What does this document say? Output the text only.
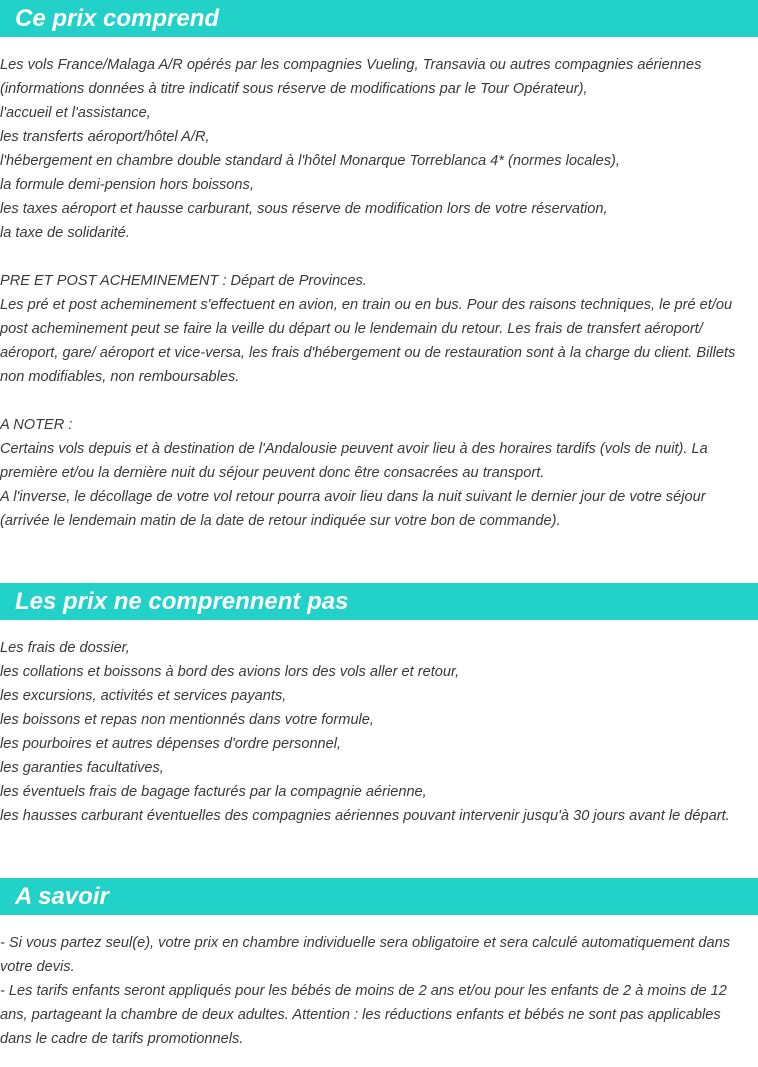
Ce prix comprend
Les vols France/Malaga A/R opérés par les compagnies Vueling, Transavia ou autres compagnies aériennes (informations données à titre indicatif sous réserve de modifications par le Tour Opérateur),
l'accueil et l'assistance,
les transferts aéroport/hôtel A/R,
l'hébergement en chambre double standard à l'hôtel Monarque Torreblanca 4* (normes locales),
la formule demi-pension hors boissons,
les taxes aéroport et hausse carburant, sous réserve de modification lors de votre réservation,
la taxe de solidarité.
PRE ET POST ACHEMINEMENT : Départ de Provinces.
Les pré et post acheminement s'effectuent en avion, en train ou en bus. Pour des raisons techniques, le pré et/ou post acheminement peut se faire la veille du départ ou le lendemain du retour. Les frais de transfert aéroport/ aéroport, gare/ aéroport et vice-versa, les frais d'hébergement ou de restauration sont à la charge du client. Billets non modifiables, non remboursables.
A NOTER :
Certains vols depuis et à destination de l'Andalousie peuvent avoir lieu à des horaires tardifs (vols de nuit). La première et/ou la dernière nuit du séjour peuvent donc être consacrées au transport.
A l'inverse, le décollage de votre vol retour pourra avoir lieu dans la nuit suivant le dernier jour de votre séjour (arrivée le lendemain matin de la date de retour indiquée sur votre bon de commande).
Les prix ne comprennent pas
Les frais de dossier,
les collations et boissons à bord des avions lors des vols aller et retour,
les excursions, activités et services payants,
les boissons et repas non mentionnés dans votre formule,
les pourboires et autres dépenses d'ordre personnel,
les garanties facultatives,
les éventuels frais de bagage facturés par la compagnie aérienne,
les hausses carburant éventuelles des compagnies aériennes pouvant intervenir jusqu'à 30 jours avant le départ.
A savoir
- Si vous partez seul(e), votre prix en chambre individuelle sera obligatoire et sera calculé automatiquement dans votre devis.
- Les tarifs enfants seront appliqués pour les bébés de moins de 2 ans et/ou pour les enfants de 2 à moins de 12 ans, partageant la chambre de deux adultes. Attention : les réductions enfants et bébés ne sont pas applicables dans le cadre de tarifs promotionnels.
